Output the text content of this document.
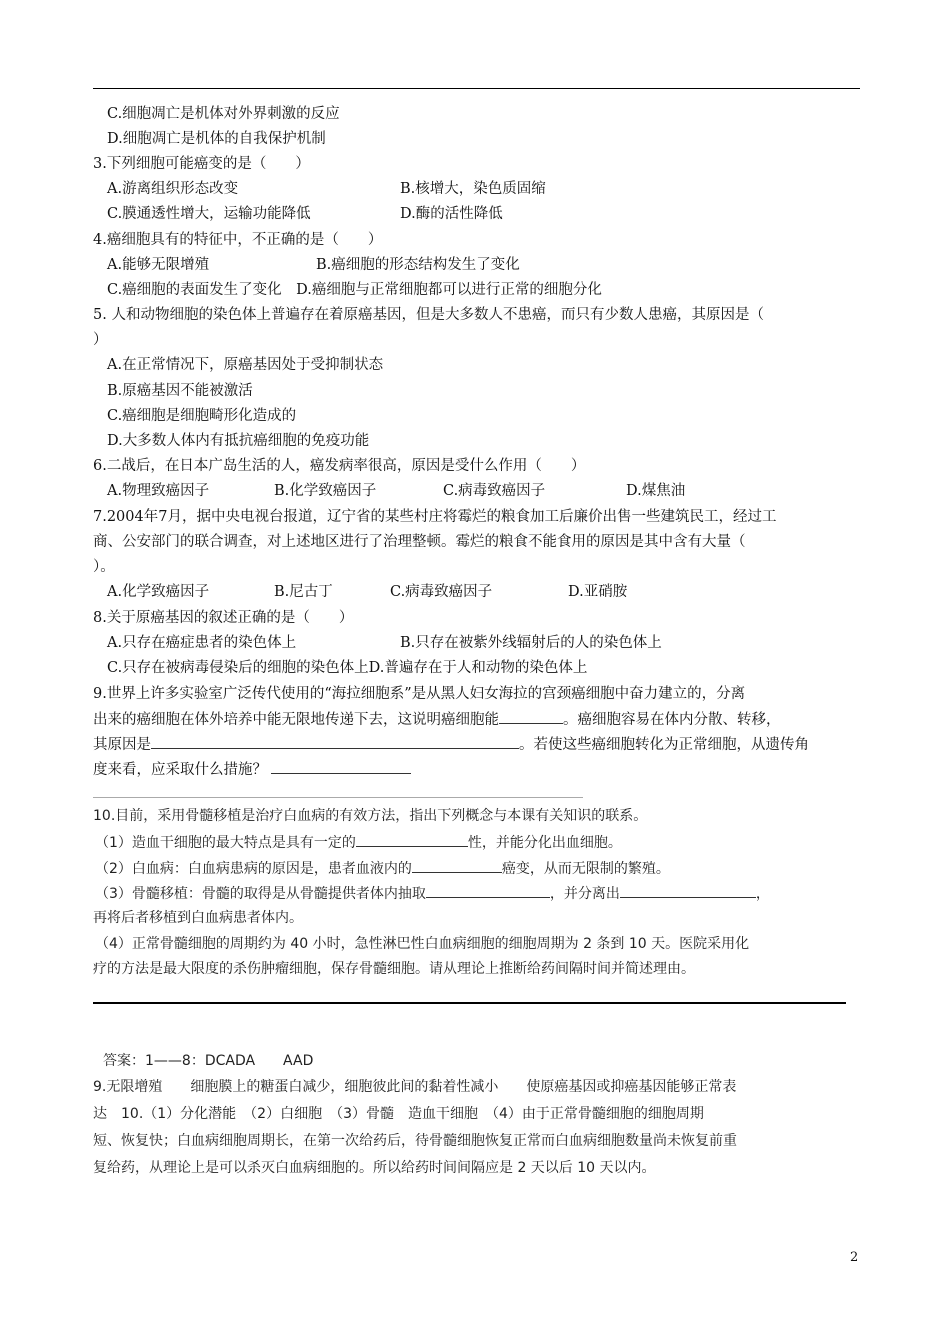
C.细胞凋亡是机体对外界刺激的反应
D.细胞凋亡是机体的自我保护机制
3.下列细胞可能癌变的是（　　）
A.游离组织形态改变	B.核增大，染色质固缩
C.膜通透性增大，运输功能降低	D.酶的活性降低
4.癌细胞具有的特征中，不正确的是（　　）
A.能够无限增殖	B.癌细胞的形态结构发生了变化
C.癌细胞的表面发生了变化　D.癌细胞与正常细胞都可以进行正常的细胞分化
5. 人和动物细胞的染色体上普遍存在着原癌基因，但是大多数人不患癌，而只有少数人患癌，其原因是（
）
A.在正常情况下，原癌基因处于受抑制状态
B.原癌基因不能被激活
C.癌细胞是细胞畸形化造成的
D.大多数人体内有抵抗癌细胞的免疫功能
6.二战后，在日本广岛生活的人，癌发病率很高，原因是受什么作用（　　）
A.物理致癌因子	B.化学致癌因子	C.病毒致癌因子	D.煤焦油
7.2004年7月，据中央电视台报道，辽宁省的某些村庄将霉烂的粮食加工后廉价出售一些建筑民工，经过工
商、公安部门的联合调查，对上述地区进行了治理整顿。霉烂的粮食不能食用的原因是其中含有大量（
）。
A.化学致癌因子	B.尼古丁	C.病毒致癌因子	D.亚硝胺
8.关于原癌基因的叙述正确的是（　　）
A.只存在癌症患者的染色体上	B.只存在被紫外线辐射后的人的染色体上
C.只存在被病毒侵染后的细胞的染色体上D.普遍存在于人和动物的染色体上
9.世界上许多实验室广泛传代使用的“海拉细胞系”是从黑人妇女海拉的宫颈癌细胞中奋力建立的，分离
出来的癌细胞在体外培养中能无限地传递下去，这说明癌细胞能	。癌细胞容易在体内分散、转移，
其原因是	。若使这些癌细胞转化为正常细胞，从遗传角
度来看，应采取什么措施？
10.目前，采用骨髓移植是治疗白血病的有效方法，指出下列概念与本课有关知识的联系。
（1）造血干细胞的最大特点是具有一定的	性，并能分化出血细胞。
（2）白血病：白血病患病的原因是，患者血液内的	癌变，从而无限制的繁殖。
（3）骨髓移植：骨髓的取得是从骨髓提供者体内抽取	，并分离出	，
再将后者移植到白血病患者体内。
（4）正常骨髓细胞的周期约为 40 小时，急性淋巴性白血病细胞的细胞周期为 2 条到 10 天。医院采用化
疗的方法是最大限度的杀伤肿瘤细胞，保存骨髓细胞。请从理论上推断给药间隔时间并简述理由。
答案：1——8：DCADA　　AAD
9.无限增殖　　细胞膜上的糖蛋白减少，细胞彼此间的黏着性减小　　使原癌基因或抑癌基因能够正常表
达　10.（1）分化潜能　（2）白细胞　（3）骨髓　造血干细胞　（4）由于正常骨髓细胞的细胞周期
短、恢复快；白血病细胞周期长，在第一次给药后，待骨髓细胞恢复正常而白血病细胞数量尚未恢复前重
复给药，从理论上是可以杀灭白血病细胞的。所以给药时间间隔应是 2 天以后 10 天以内。
2
